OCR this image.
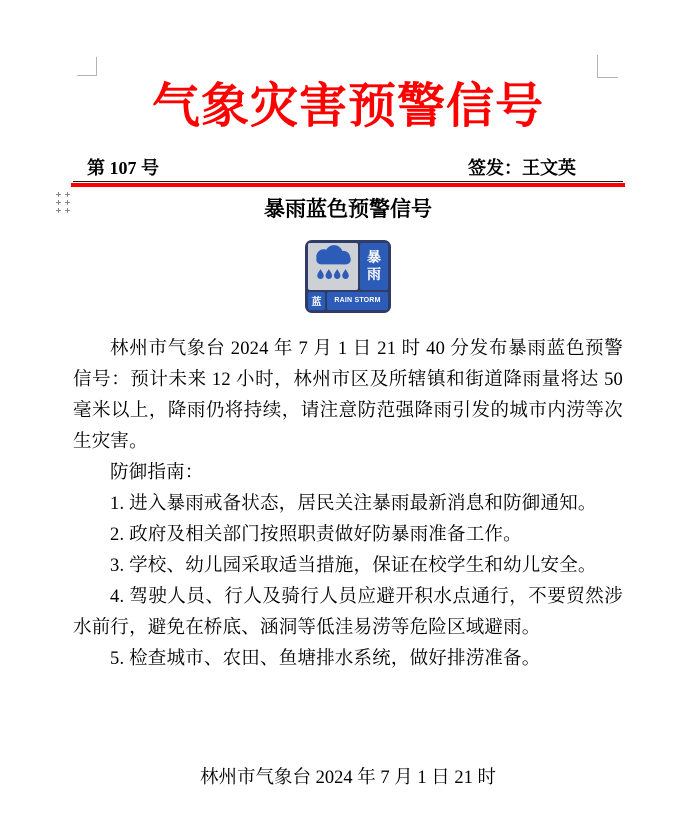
气象灾害预警信号
第 107 号	签发：王文英
暴雨蓝色预警信号
暴
雨
蓝	RAIN STORM

林州市气象台 2024 年 7 月 1 日 21 时 40 分发布暴雨蓝色预警信号：预计未来 12 小时，林州市区及所辖镇和街道降雨量将达 50 毫米以上，降雨仍将持续，请注意防范强降雨引发的城市内涝等次生灾害。

防御指南：

1. 进入暴雨戒备状态，居民关注暴雨最新消息和防御通知。

2. 政府及相关部门按照职责做好防暴雨准备工作。

3. 学校、幼儿园采取适当措施，保证在校学生和幼儿安全。

4. 驾驶人员、行人及骑行人员应避开积水点通行，不要贸然涉水前行，避免在桥底、涵洞等低洼易涝等危险区域避雨。

5. 检查城市、农田、鱼塘排水系统，做好排涝准备。

林州市气象台 2024 年 7 月 1 日 21 时
